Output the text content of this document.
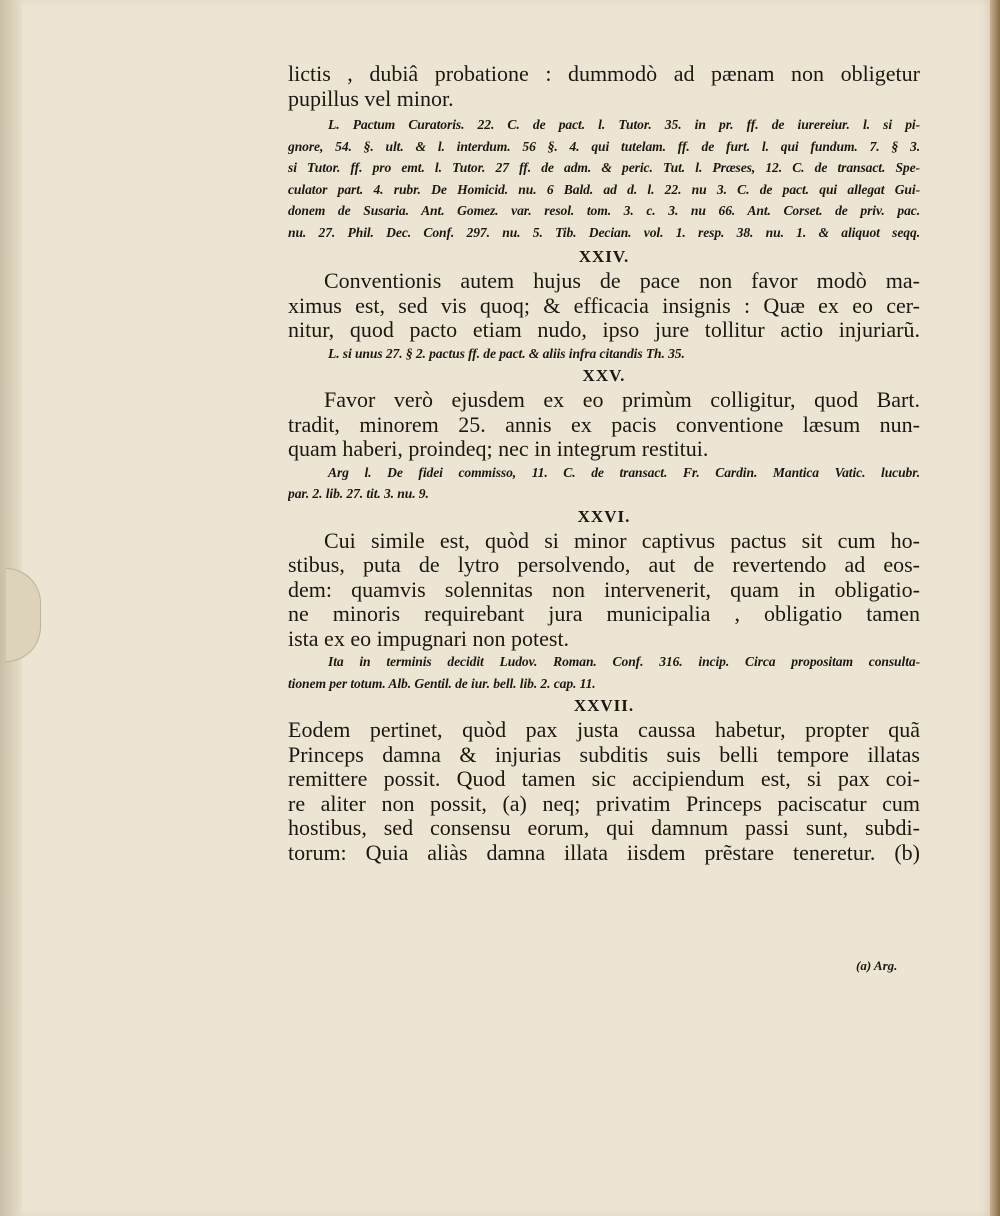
lictis , dubiâ probatione : dummodò ad pænam non obligetur
pupillus vel minor.
L. Pactum Curatoris. 22. C. de pact. l. Tutor. 35. in pr. ff. de iurereiur. l. si pi-
gnore, 54. §. ult. & l. interdum. 56 §. 4. qui tutelam. ff. de furt. l. qui fundum. 7. § 3.
si Tutor. ff. pro emt. l. Tutor. 27 ff. de adm. & peric. Tut. l. Præses, 12. C. de transact. Spe-
culator part. 4. rubr. De Homicid. nu. 6 Bald. ad d. l. 22. nu 3. C. de pact. qui allegat Gui-
donem de Susaria. Ant. Gomez. var. resol. tom. 3. c. 3. nu 66. Ant. Corset. de priv. pac.
nu. 27. Phil. Dec. Conf. 297. nu. 5. Tib. Decian. vol. 1. resp. 38. nu. 1. & aliquot seqq.
XXIV.
Conventionis autem hujus de pace non favor modò ma-
ximus est, sed vis quoq; & efficacia insignis : Quæ ex eo cer-
nitur, quod pacto etiam nudo, ipso jure tollitur actio injuriarũ.
L. si unus 27. § 2. pactus ff. de pact. & aliis infra citandis Th. 35.
XXV.
Favor verò ejusdem ex eo primùm colligitur, quod Bart.
tradit, minorem 25. annis ex pacis conventione læsum nun-
quam haberi, proindeq; nec in integrum restitui.
Arg l. De fidei commisso, 11. C. de transact. Fr. Cardin. Mantica Vatic. lucubr.
par. 2. lib. 27. tit. 3. nu. 9.
XXVI.
Cui simile est, quòd si minor captivus pactus sit cum ho-
stibus, puta de lytro persolvendo, aut de revertendo ad eos-
dem: quamvis solennitas non intervenerit, quam in obligatio-
ne minoris requirebant jura municipalia , obligatio tamen
ista ex eo impugnari non potest.
Ita in terminis decidit Ludov. Roman. Conf. 316. incip. Circa propositam consulta-
tionem per totum. Alb. Gentil. de iur. bell. lib. 2. cap. 11.
XXVII.
Eodem pertinet, quòd pax justa caussa habetur, propter quã
Princeps damna & injurias subditis suis belli tempore illatas
remittere possit. Quod tamen sic accipiendum est, si pax coi-
re aliter non possit, (a) neq; privatim Princeps paciscatur cum
hostibus, sed consensu eorum, qui damnum passi sunt, subdi-
torum: Quia aliàs damna illata iisdem prẽstare teneretur. (b)
(a) Arg.
